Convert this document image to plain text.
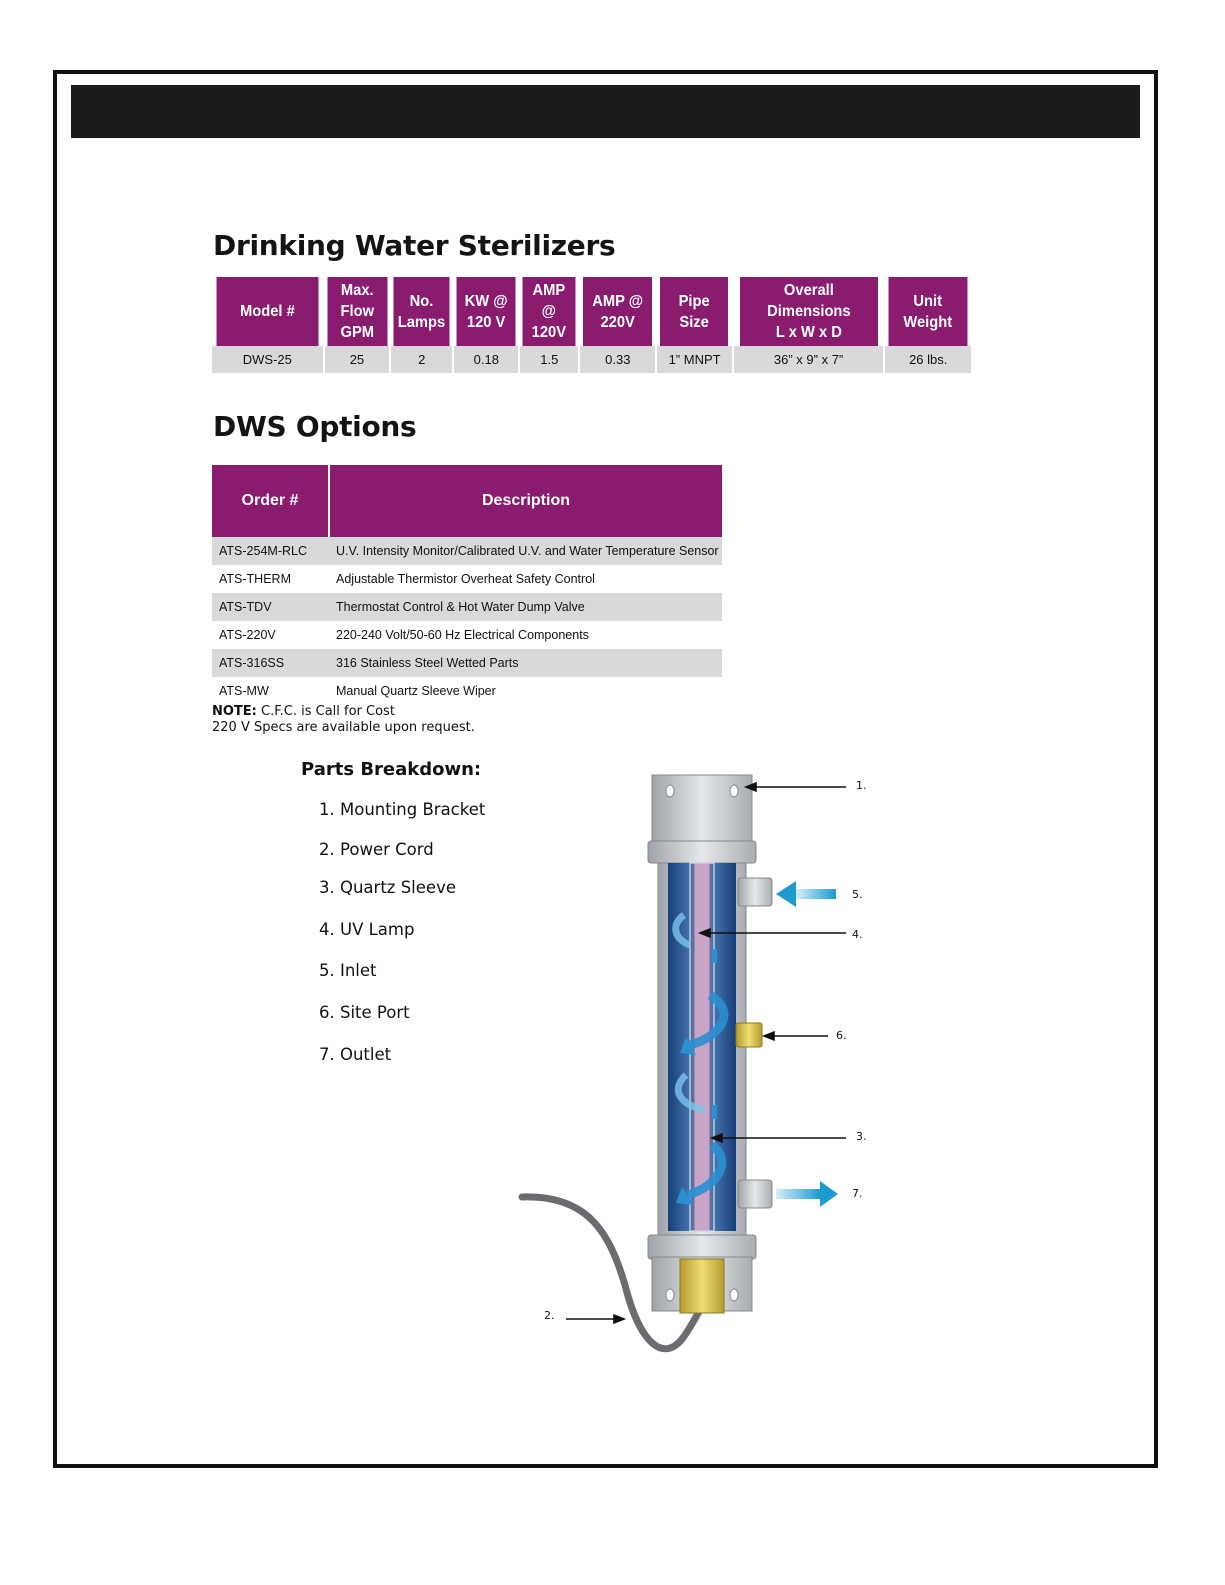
Drinking Water Sterilizers
Model #	Max.
Flow
GPM	No.
Lamps	KW @
120 V	AMP
@
120V	AMP @
220V	Pipe
Size	Overall Dimensions
L x W x D	Unit
Weight
DWS-25	25	2	0.18	1.5	0.33	1” MNPT	36” x 9” x 7”	26 lbs.
DWS Options
Order #	Description
ATS-254M-RLC	U.V. Intensity Monitor/Calibrated U.V. and Water Temperature Sensor
ATS-THERM	Adjustable Thermistor Overheat Safety Control
ATS-TDV	Thermostat Control & Hot Water Dump Valve
ATS-220V	220-240 Volt/50-60 Hz Electrical Components
ATS-316SS	316 Stainless Steel Wetted Parts
ATS-MW	Manual Quartz Sleeve Wiper
NOTE: C.F.C. is Call for Cost
220 V Specs are available upon request.
Parts Breakdown:
1. Mounting Bracket
2. Power Cord
3. Quartz Sleeve
4. UV Lamp
5. Inlet
6. Site Port
7. Outlet
1.
2.
3.
4.
5.
6.
7.
